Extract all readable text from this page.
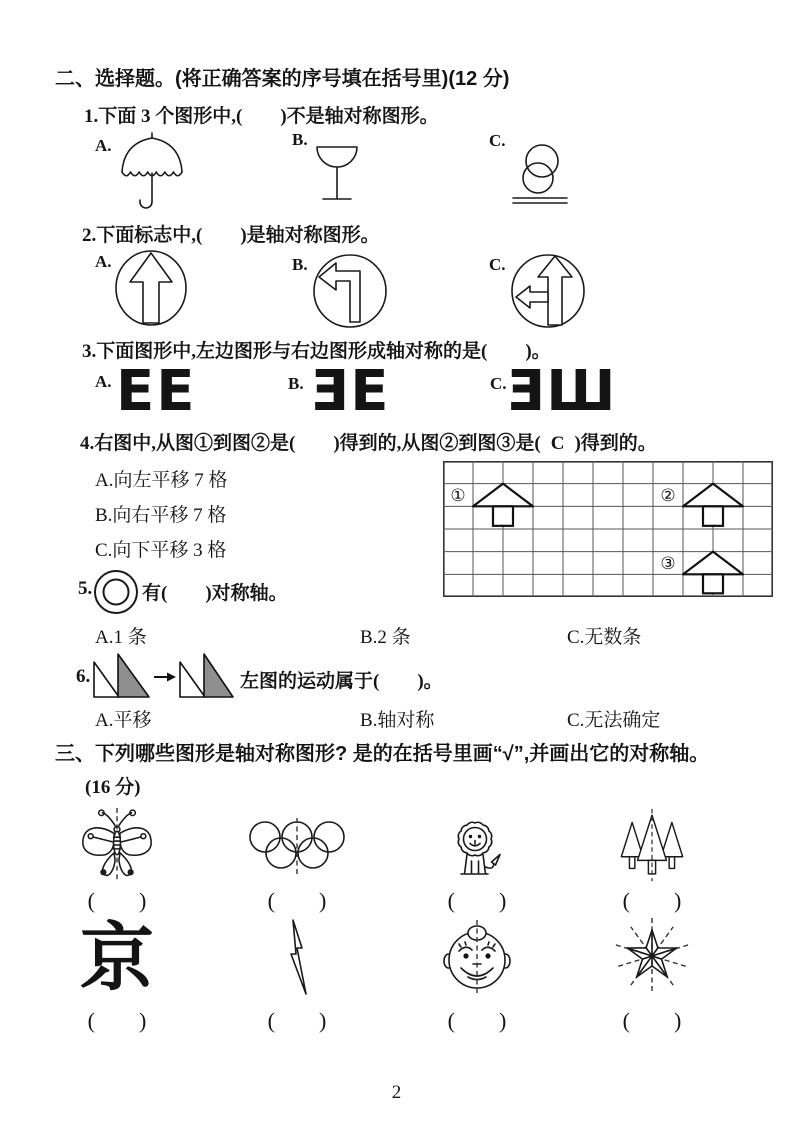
二、选择题。(将正确答案的序号填在括号里)(12 分)
1.下面 3 个图形中,(　　)不是轴对称图形。
A.	B.	C.
2.下面标志中,(　　)是轴对称图形。
A.	B.	C.
3.下面图形中,左边图形与右边图形成轴对称的是(　　)。
A. EE	B. ƎE	C. ƎШ
4.右图中,从图①到图②是(　　)得到的,从图②到图③是( C )得到的。
A.向左平移 7 格
B.向右平移 7 格
C.向下平移 3 格
①	②
③
5.	有(　　)对称轴。
A.1 条	B.2 条	C.无数条
6.	左图的运动属于(　　)。
A.平移	B.轴对称	C.无法确定
三、下列哪些图形是轴对称图形? 是的在括号里画“√”,并画出它的对称轴。
(16 分)
(　　)	(　　)	(　　)	(　　)
京
(　　)	(　　)	(　　)	(　　)
2
